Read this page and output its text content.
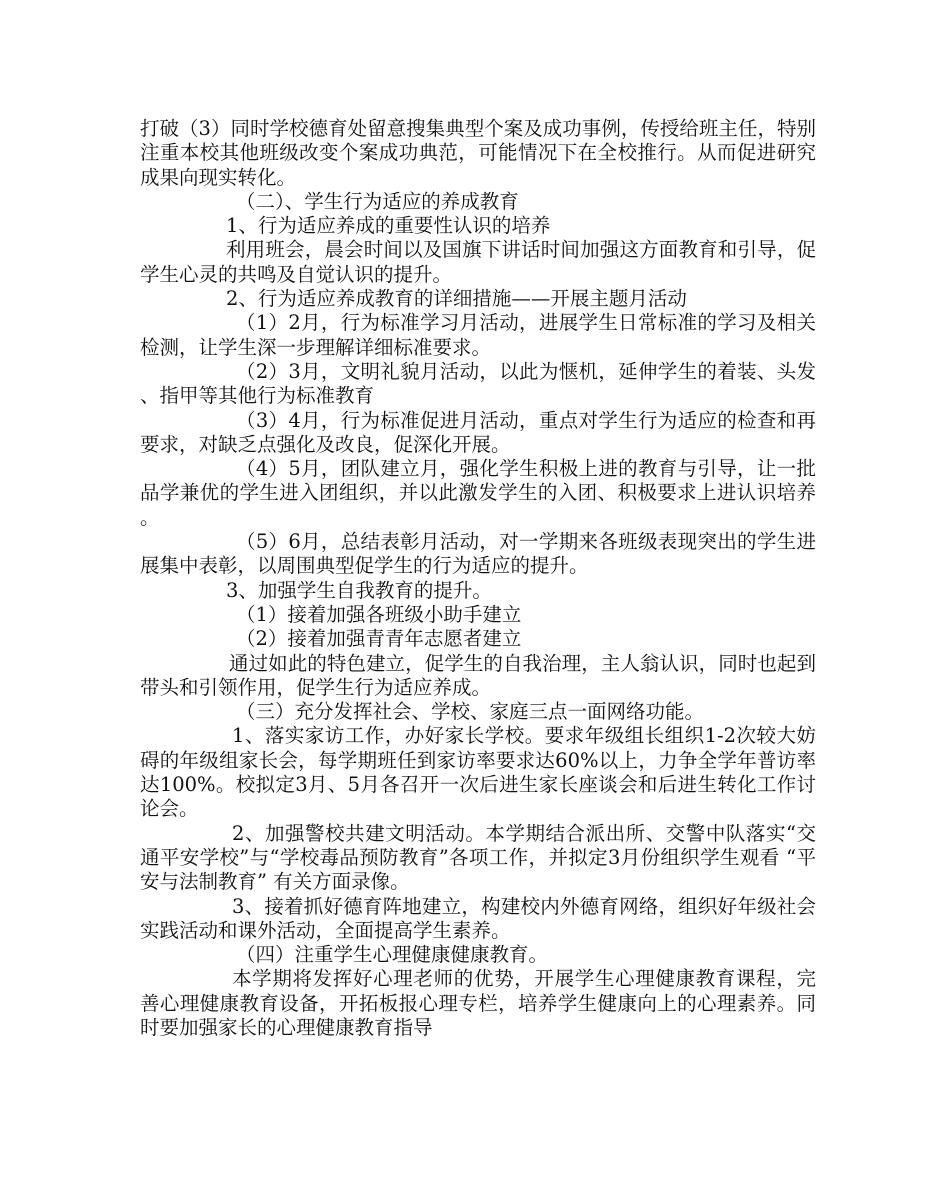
打破（3）同时学校德育处留意搜集典型个案及成功事例，传授给班主任，特别注重本校其他班级改变个案成功典范，可能情况下在全校推行。从而促进研究成果向现实转化。

（二）、学生行为适应的养成教育

1、行为适应养成的重要性认识的培养

利用班会，晨会时间以及国旗下讲话时间加强这方面教育和引导，促学生心灵的共鸣及自觉认识的提升。

2、行为适应养成教育的详细措施——开展主题月活动

（1）2月，行为标准学习月活动，进展学生日常标准的学习及相关检测，让学生深一步理解详细标准要求。

（2）3月，文明礼貌月活动，以此为惬机，延伸学生的着装、头发、指甲等其他行为标准教育

（3）4月，行为标准促进月活动，重点对学生行为适应的检查和再要求，对缺乏点强化及改良，促深化开展。

（4）5月，团队建立月，强化学生积极上进的教育与引导，让一批品学兼优的学生进入团组织，并以此激发学生的入团、积极要求上进认识培养。

（5）6月，总结表彰月活动，对一学期来各班级表现突出的学生进展集中表彰，以周围典型促学生的行为适应的提升。

3、加强学生自我教育的提升。

（1）接着加强各班级小助手建立

（2）接着加强青青年志愿者建立

通过如此的特色建立，促学生的自我治理，主人翁认识，同时也起到带头和引领作用，促学生行为适应养成。

（三）充分发挥社会、学校、家庭三点一面网络功能。

1、落实家访工作，办好家长学校。要求年级组长组织1-2次较大妨碍的年级组家长会，每学期班任到家访率要求达60%以上，力争全学年普访率达100%。校拟定3月、5月各召开一次后进生家长座谈会和后进生转化工作讨论会。

2、加强警校共建文明活动。本学期结合派出所、交警中队落实“交通平安学校”与“学校毒品预防教育”各项工作，并拟定3月份组织学生观看 “平安与法制教育” 有关方面录像。

3、接着抓好德育阵地建立，构建校内外德育网络，组织好年级社会实践活动和课外活动，全面提高学生素养。

（四）注重学生心理健康健康教育。

本学期将发挥好心理老师的优势，开展学生心理健康教育课程，完善心理健康教育设备，开拓板报心理专栏，培养学生健康向上的心理素养。同时要加强家长的心理健康教育指导
